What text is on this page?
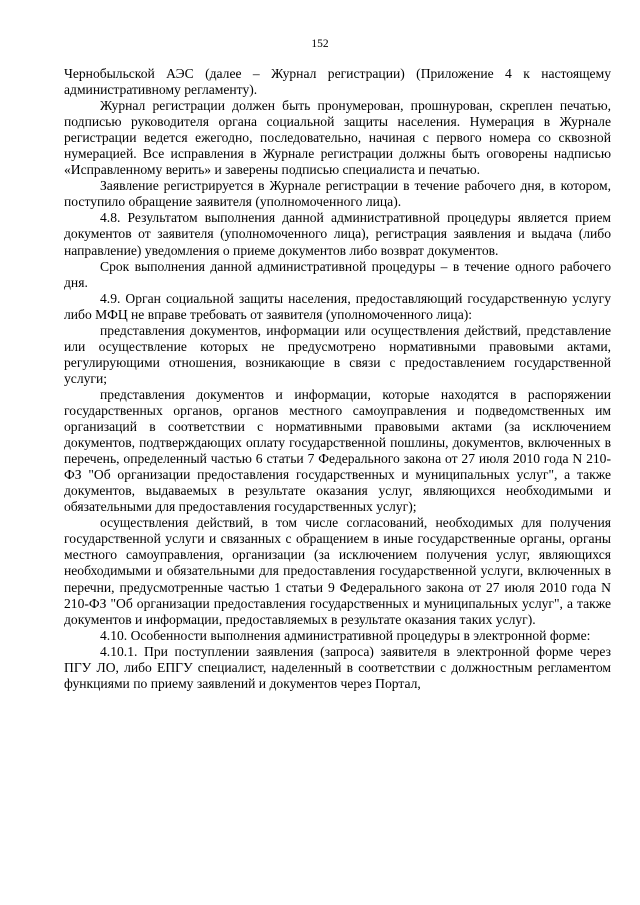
152

Чернобыльской АЭС (далее – Журнал регистрации) (Приложение 4 к настоящему административному регламенту).

Журнал регистрации должен быть пронумерован, прошнурован, скреплен печатью, подписью руководителя органа социальной защиты населения. Нумерация в Журнале регистрации ведется ежегодно, последовательно, начиная с первого номера со сквозной нумерацией. Все исправления в Журнале регистрации должны быть оговорены надписью «Исправленному верить» и заверены подписью специалиста и печатью.

Заявление регистрируется в Журнале регистрации в течение рабочего дня, в котором, поступило обращение заявителя (уполномоченного лица).

4.8. Результатом выполнения данной административной процедуры является прием документов от заявителя (уполномоченного лица), регистрация заявления и выдача (либо направление) уведомления о приеме документов либо возврат документов.

Срок выполнения данной административной процедуры – в течение одного рабочего дня.

4.9. Орган социальной защиты населения, предоставляющий государственную услугу либо МФЦ не вправе требовать от заявителя (уполномоченного лица):

представления документов, информации или осуществления действий, представление или осуществление которых не предусмотрено нормативными правовыми актами, регулирующими отношения, возникающие в связи с предоставлением государственной услуги;

представления документов и информации, которые находятся в распоряжении государственных органов, органов местного самоуправления и подведомственных им организаций в соответствии с нормативными правовыми актами (за исключением документов, подтверждающих оплату государственной пошлины, документов, включенных в перечень, определенный частью 6 статьи 7 Федерального закона от 27 июля 2010 года N 210-ФЗ "Об организации предоставления государственных и муниципальных услуг", а также документов, выдаваемых в результате оказания услуг, являющихся необходимыми и обязательными для предоставления государственных услуг);

осуществления действий, в том числе согласований, необходимых для получения государственной услуги и связанных с обращением в иные государственные органы, органы местного самоуправления, организации (за исключением получения услуг, являющихся необходимыми и обязательными для предоставления государственной услуги, включенных в перечни, предусмотренные частью 1 статьи 9 Федерального закона от 27 июля 2010 года N 210-ФЗ "Об организации предоставления государственных и муниципальных услуг", а также документов и информации, предоставляемых в результате оказания таких услуг).

4.10. Особенности выполнения административной процедуры в электронной форме:

4.10.1. При поступлении заявления (запроса) заявителя в электронной форме через ПГУ ЛО, либо ЕПГУ специалист, наделенный в соответствии с должностным регламентом функциями по приему заявлений и документов через Портал,
